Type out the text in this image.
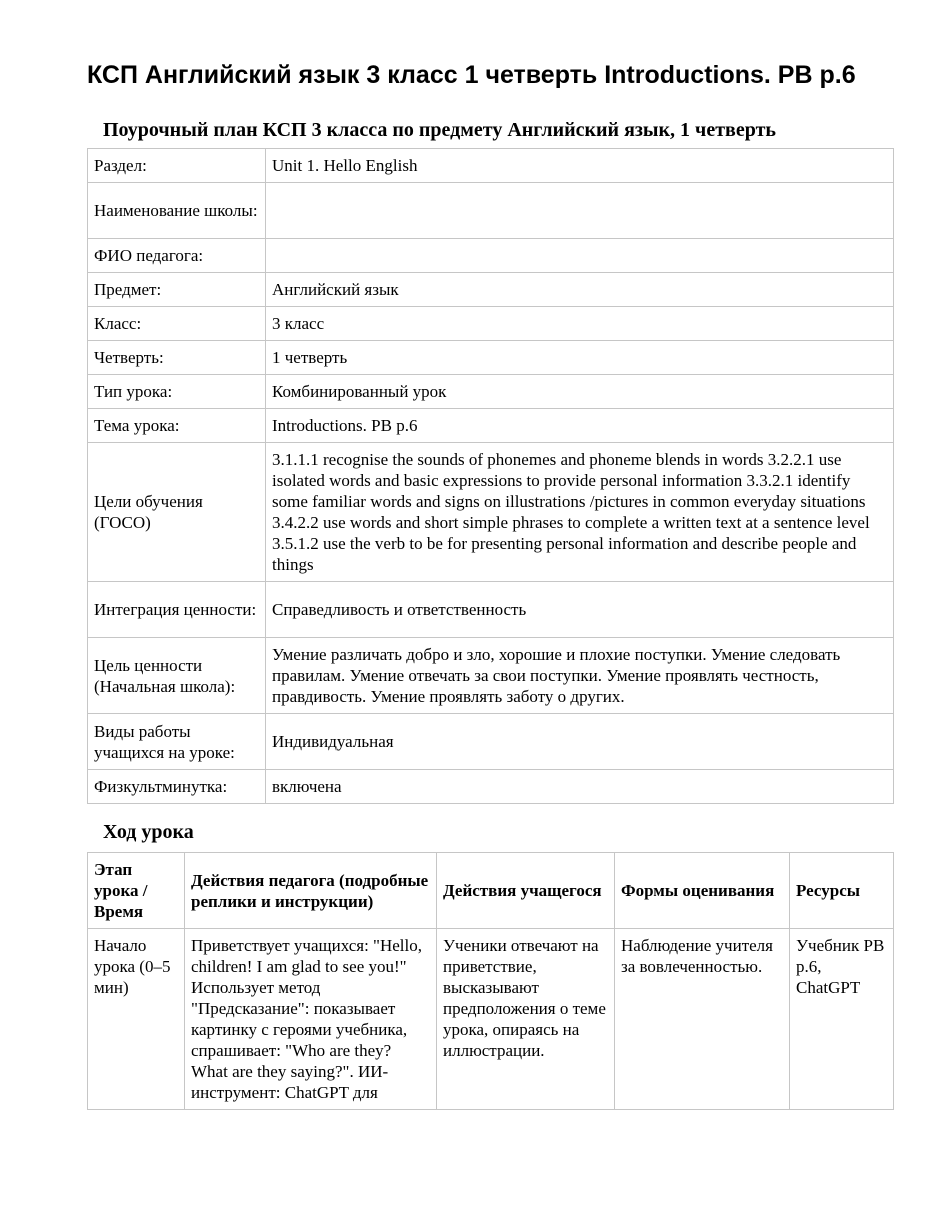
КСП Английский язык 3 класс 1 четверть Introductions. PB p.6
Поурочный план КСП 3 класса по предмету Английский язык, 1 четверть
Раздел:	Unit 1. Hello English
Наименование школы:	
ФИО педагога:	
Предмет:	Английский язык
Класс:	3 класс
Четверть:	1 четверть
Тип урока:	Комбинированный урок
Тема урока:	Introductions. PB p.6
Цели обучения (ГОСО)	3.1.1.1 recognise the sounds of phonemes and phoneme blends in words 3.2.2.1 use isolated words and basic expressions to provide personal information 3.3.2.1 identify some familiar words and signs on illustrations /pictures in common everyday situations 3.4.2.2 use words and short simple phrases to complete a written text at a sentence level 3.5.1.2 use the verb to be for presenting personal information and describe people and things
Интеграция ценности:	Справедливость и ответственность
Цель ценности (Начальная школа):	Умение различать добро и зло, хорошие и плохие поступки. Умение следовать правилам. Умение отвечать за свои поступки. Умение проявлять честность, правдивость. Умение проявлять заботу о других.
Виды работы учащихся на уроке:	Индивидуальная
Физкультминутка:	включена
Ход урока
Этап урока / Время	Действия педагога (подробные реплики и инструкции)	Действия учащегося	Формы оценивания	Ресурсы
Начало урока (0–5 мин)	Приветствует учащихся: "Hello, children! I am glad to see you!" Использует метод "Предсказание": показывает картинку с героями учебника, спрашивает: "Who are they? What are they saying?". ИИ-инструмент: ChatGPT для	Ученики отвечают на приветствие, высказывают предположения о теме урока, опираясь на иллюстрации.	Наблюдение учителя за вовлеченностью.	Учебник PB p.6, ChatGPT
